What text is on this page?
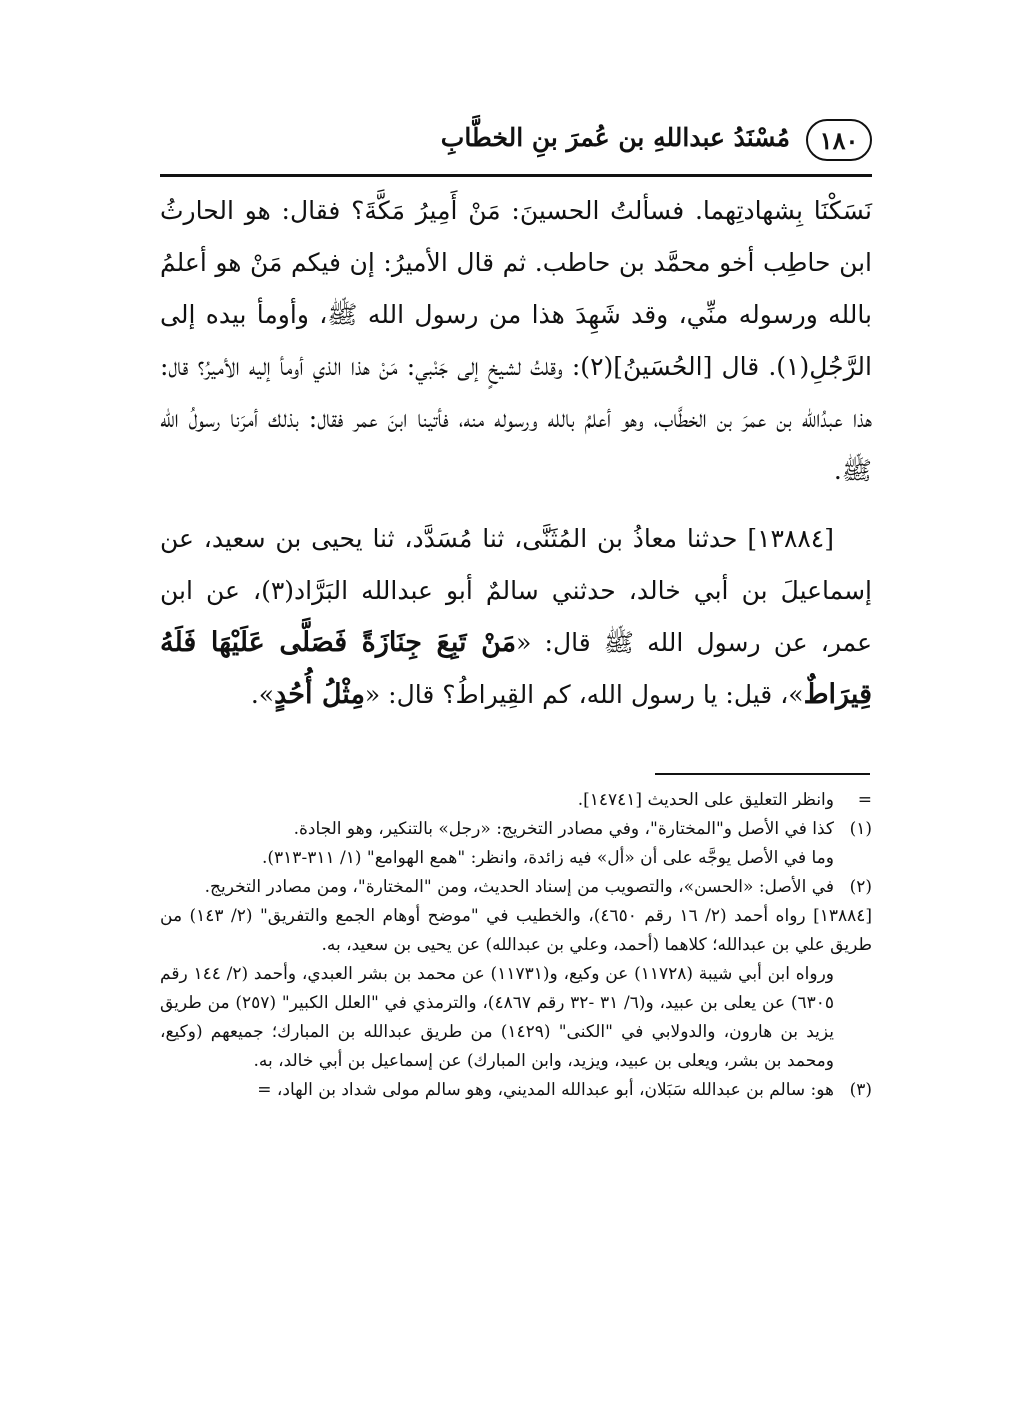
١٨٠
مُسْنَدُ عبداللهِ بن عُمرَ بنِ الخطَّابِ

نَسَكْنَا بِشهادتِهما. فسألتُ الحسينَ: مَنْ أَمِيرُ مَكَّةَ؟ فقال: هو الحارثُ ابن حاطِب أخو محمَّد بن حاطب. ثم قال الأميرُ: إن فيكم مَنْ هو أعلمُ بالله ورسوله منِّي، وقد شَهِدَ هذا من رسول الله ﷺ، وأومأ بيده إلى الرَّجُلِ(١). قال [الحُسَينُ](٢): وقلتُ لشيخٍ إلى جَنْبي: مَنْ هذا الذي أومأ إليه الأميرُ؟ قال: هذا عبدُالله بن عمرَ بن الخطَّاب، وهو أعلمُ بالله ورسوله منه، فأتينا ابنَ عمر فقال: بذلك أمرَنا رسولُ الله ﷺ.

[١٣٨٨٤] حدثنا معاذُ بن المُثَنَّى، ثنا مُسَدَّد، ثنا يحيى بن سعيد، عن إسماعيلَ بن أبي خالد، حدثني سالمٌ أبو عبدالله البَرَّاد(٣)، عن ابن عمر، عن رسول الله ﷺ قال: «مَنْ تَبِعَ جِنَازَةً فَصَلَّى عَلَيْهَا فَلَهُ قِيرَاطٌ»، قيل: يا رسول الله، كم القِيراطُ؟ قال: «مِثْلُ أُحُدٍ».

=
وانظر التعليق على الحديث [١٤٧٤١].
(١)
كذا في الأصل و"المختارة"، وفي مصادر التخريج: «رجل» بالتنكير، وهو الجادة.
وما في الأصل يوجَّه على أن «أل» فيه زائدة، وانظر: "همع الهوامع" (١/ ٣١١-٣١٣).
(٢)
في الأصل: «الحسن»، والتصويب من إسناد الحديث، ومن "المختارة"، ومن مصادر التخريج.
[١٣٨٨٤] رواه أحمد (٢/ ١٦ رقم ٤٦٥٠)، والخطيب في "موضح أوهام الجمع والتفريق" (٢/ ١٤٣) من طريق علي بن عبدالله؛ كلاهما (أحمد، وعلي بن عبدالله) عن يحيى بن سعيد، به.
ورواه ابن أبي شيبة (١١٧٢٨) عن وكيع، و(١١٧٣١) عن محمد بن بشر العبدي، وأحمد (٢/ ١٤٤ رقم ٦٣٠٥) عن يعلى بن عبيد، و(٦/ ٣١ -٣٢ رقم ٤٨٦٧)، والترمذي في "العلل الكبير" (٢٥٧) من طريق يزيد بن هارون، والدولابي في "الكنى" (١٤٢٩) من طريق عبدالله بن المبارك؛ جميعهم (وكيع، ومحمد بن بشر، ويعلى بن عبيد، ويزيد، وابن المبارك) عن إسماعيل بن أبي خالد، به.
(٣)
هو: سالم بن عبدالله سَبَلان، أبو عبدالله المديني، وهو سالم مولى شداد بن الهاد، =
